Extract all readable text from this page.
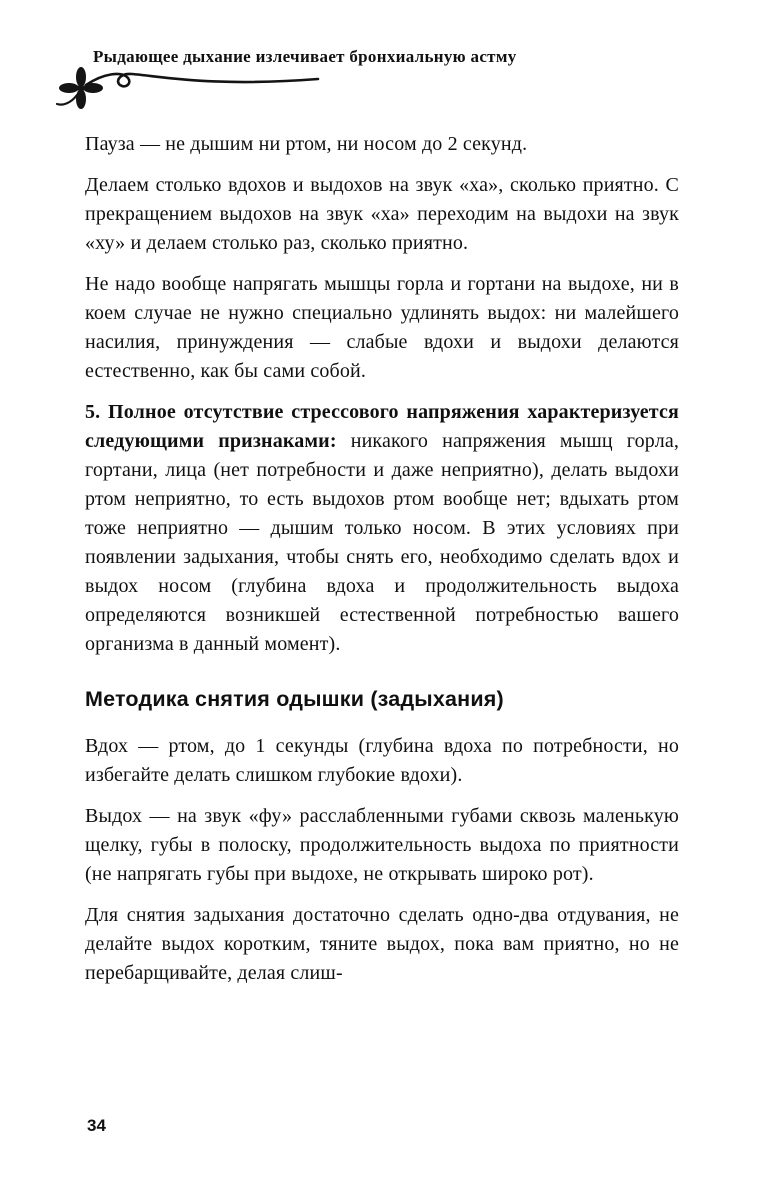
Рыдающее дыхание излечивает бронхиальную астму

Пауза — не дышим ни ртом, ни носом до 2 секунд.

Делаем столько вдохов и выдохов на звук «ха», сколько приятно. С прекращением выдохов на звук «ха» переходим на выдохи на звук «ху» и делаем столько раз, сколько приятно.

Не надо вообще напрягать мышцы горла и гортани на выдохе, ни в коем случае не нужно специально удлинять выдох: ни малейшего насилия, принуждения — слабые вдохи и выдохи делаются естественно, как бы сами собой.

5. Полное отсутствие стрессового напряжения характеризуется следующими признаками: никакого напряжения мышц горла, гортани, лица (нет потребности и даже неприятно), делать выдохи ртом неприятно, то есть выдохов ртом вообще нет; вдыхать ртом тоже неприятно — дышим только носом. В этих условиях при появлении задыхания, чтобы снять его, необходимо сделать вдох и выдох носом (глубина вдоха и продолжительность выдоха определяются возникшей естественной потребностью вашего организма в данный момент).

Методика снятия одышки (задыхания)

Вдох — ртом, до 1 секунды (глубина вдоха по потребности, но избегайте делать слишком глубокие вдохи).

Выдох — на звук «фу» расслабленными губами сквозь маленькую щелку, губы в полоску, продолжительность выдоха по приятности (не напрягать губы при выдохе, не открывать широко рот).

Для снятия задыхания достаточно сделать одно-два отдувания, не делайте выдох коротким, тяните выдох, пока вам приятно, но не перебарщивайте, делая слиш-

34
